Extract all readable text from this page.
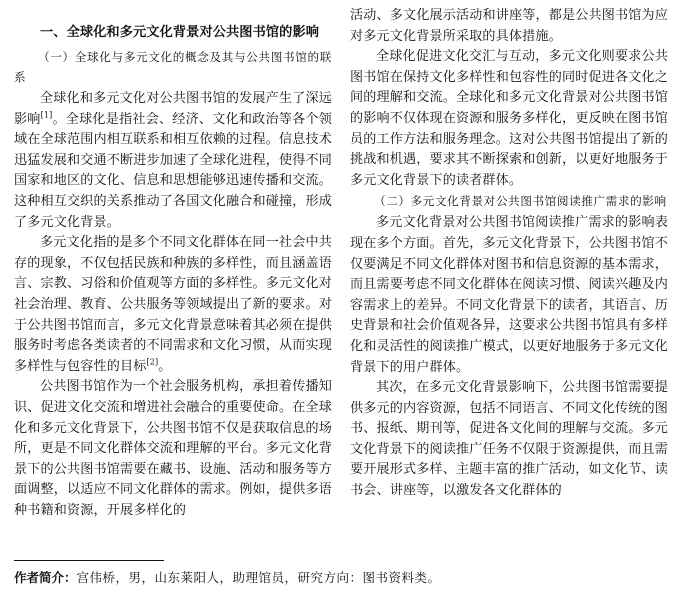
一、全球化和多元文化背景对公共图书馆的影响
（一）全球化与多元文化的概念及其与公共图书馆的联系

全球化和多元文化对公共图书馆的发展产生了深远影响[1]。全球化是指社会、经济、文化和政治等各个领域在全球范围内相互联系和相互依赖的过程。信息技术迅猛发展和交通不断进步加速了全球化进程，使得不同国家和地区的文化、信息和思想能够迅速传播和交流。这种相互交织的关系推动了各国文化融合和碰撞，形成了多元文化背景。

多元文化指的是多个不同文化群体在同一社会中共存的现象，不仅包括民族和种族的多样性，而且涵盖语言、宗教、习俗和价值观等方面的多样性。多元文化对社会治理、教育、公共服务等领域提出了新的要求。对于公共图书馆而言，多元文化背景意味着其必须在提供服务时考虑各类读者的不同需求和文化习惯，从而实现多样性与包容性的目标[2]。

公共图书馆作为一个社会服务机构，承担着传播知识、促进文化交流和增进社会融合的重要使命。在全球化和多元文化背景下，公共图书馆不仅是获取信息的场所，更是不同文化群体交流和理解的平台。多元文化背景下的公共图书馆需要在藏书、设施、活动和服务等方面调整，以适应不同文化群体的需求。例如，提供多语种书籍和资源，开展多样化的

活动、多文化展示活动和讲座等，都是公共图书馆为应对多元文化背景所采取的具体措施。

全球化促进文化交汇与互动，多元文化则要求公共图书馆在保持文化多样性和包容性的同时促进各文化之间的理解和交流。全球化和多元文化背景对公共图书馆的影响不仅体现在资源和服务多样化，更反映在图书馆员的工作方法和服务理念。这对公共图书馆提出了新的挑战和机遇，要求其不断探索和创新，以更好地服务于多元文化背景下的读者群体。

（二）多元文化背景对公共图书馆阅读推广需求的影响

多元文化背景对公共图书馆阅读推广需求的影响表现在多个方面。首先，多元文化背景下，公共图书馆不仅要满足不同文化群体对图书和信息资源的基本需求，而且需要考虑不同文化群体在阅读习惯、阅读兴趣及内容需求上的差异。不同文化背景下的读者，其语言、历史背景和社会价值观各异，这要求公共图书馆具有多样化和灵活性的阅读推广模式，以更好地服务于多元文化背景下的用户群体。

其次，在多元文化背景影响下，公共图书馆需要提供多元的内容资源，包括不同语言、不同文化传统的图书、报纸、期刊等，促进各文化间的理解与交流。多元文化背景下的阅读推广任务不仅限于资源提供，而且需要开展形式多样、主题丰富的推广活动，如文化节、读书会、讲座等，以激发各文化群体的

作者简介：宫伟桥，男，山东莱阳人，助理馆员，研究方向：图书资料类。
